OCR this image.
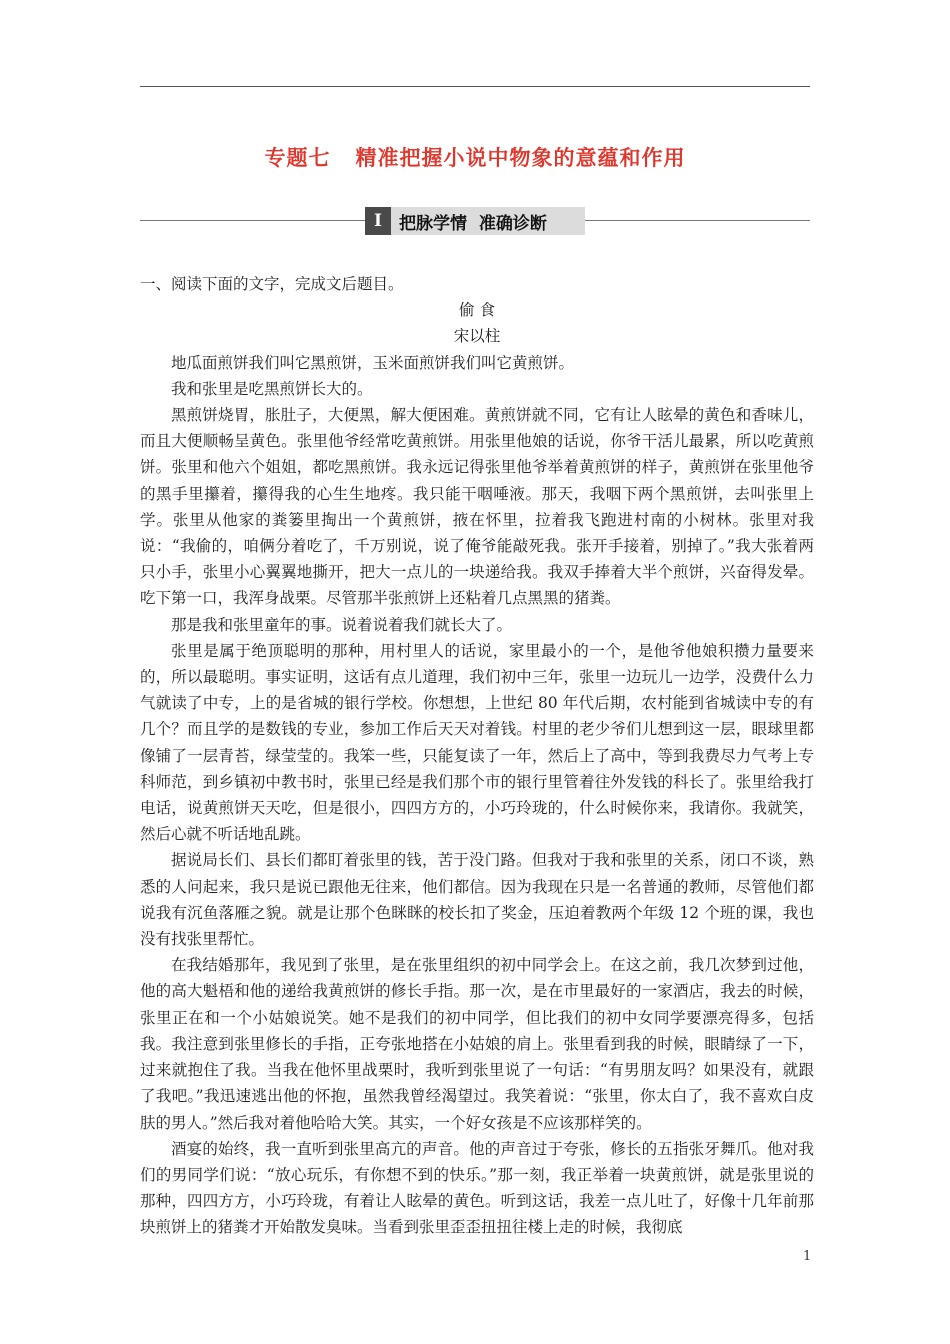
专题七   精准把握小说中物象的意蕴和作用
I	把脉学情  准确诊断

一、阅读下面的文字，完成文后题目。

偷 食

宋以柱

地瓜面煎饼我们叫它黑煎饼，玉米面煎饼我们叫它黄煎饼。

我和张里是吃黑煎饼长大的。

黑煎饼烧胃，胀肚子，大便黑，解大便困难。黄煎饼就不同，它有让人眩晕的黄色和香味儿，而且大便顺畅呈黄色。张里他爷经常吃黄煎饼。用张里他娘的话说，你爷干活儿最累，所以吃黄煎饼。张里和他六个姐姐，都吃黑煎饼。我永远记得张里他爷举着黄煎饼的样子，黄煎饼在张里他爷的黑手里攥着，攥得我的心生生地疼。我只能干咽唾液。那天，我咽下两个黑煎饼，去叫张里上学。张里从他家的粪篓里掏出一个黄煎饼，掖在怀里，拉着我飞跑进村南的小树林。张里对我说：“我偷的，咱俩分着吃了，千万别说，说了俺爷能敲死我。张开手接着，别掉了。”我大张着两只小手，张里小心翼翼地撕开，把大一点儿的一块递给我。我双手捧着大半个煎饼，兴奋得发晕。吃下第一口，我浑身战栗。尽管那半张煎饼上还粘着几点黑黑的猪粪。

那是我和张里童年的事。说着说着我们就长大了。

张里是属于绝顶聪明的那种，用村里人的话说，家里最小的一个，是他爷他娘积攒力量要来的，所以最聪明。事实证明，这话有点儿道理，我们初中三年，张里一边玩儿一边学，没费什么力气就读了中专，上的是省城的银行学校。你想想，上世纪 80 年代后期，农村能到省城读中专的有几个？而且学的是数钱的专业，参加工作后天天对着钱。村里的老少爷们儿想到这一层，眼球里都像铺了一层青苔，绿莹莹的。我笨一些，只能复读了一年，然后上了高中，等到我费尽力气考上专科师范，到乡镇初中教书时，张里已经是我们那个市的银行里管着往外发钱的科长了。张里给我打电话，说黄煎饼天天吃，但是很小，四四方方的，小巧玲珑的，什么时候你来，我请你。我就笑，然后心就不听话地乱跳。

据说局长们、县长们都盯着张里的钱，苦于没门路。但我对于我和张里的关系，闭口不谈，熟悉的人问起来，我只是说已跟他无往来，他们都信。因为我现在只是一名普通的教师，尽管他们都说我有沉鱼落雁之貌。就是让那个色眯眯的校长扣了奖金，压迫着教两个年级 12 个班的课，我也没有找张里帮忙。

在我结婚那年，我见到了张里，是在张里组织的初中同学会上。在这之前，我几次梦到过他，他的高大魁梧和他的递给我黄煎饼的修长手指。那一次，是在市里最好的一家酒店，我去的时候，张里正在和一个小姑娘说笑。她不是我们的初中同学，但比我们的初中女同学要漂亮得多，包括我。我注意到张里修长的手指，正夸张地搭在小姑娘的肩上。张里看到我的时候，眼睛绿了一下，过来就抱住了我。当我在他怀里战栗时，我听到张里说了一句话：“有男朋友吗？如果没有，就跟了我吧。”我迅速逃出他的怀抱，虽然我曾经渴望过。我笑着说：“张里，你太白了，我不喜欢白皮肤的男人。”然后我对着他哈哈大笑。其实，一个好女孩是不应该那样笑的。

酒宴的始终，我一直听到张里高亢的声音。他的声音过于夸张，修长的五指张牙舞爪。他对我们的男同学们说：“放心玩乐，有你想不到的快乐。”那一刻，我正举着一块黄煎饼，就是张里说的那种，四四方方，小巧玲珑，有着让人眩晕的黄色。听到这话，我差一点儿吐了，好像十几年前那块煎饼上的猪粪才开始散发臭味。当看到张里歪歪扭扭往楼上走的时候，我彻底

1
